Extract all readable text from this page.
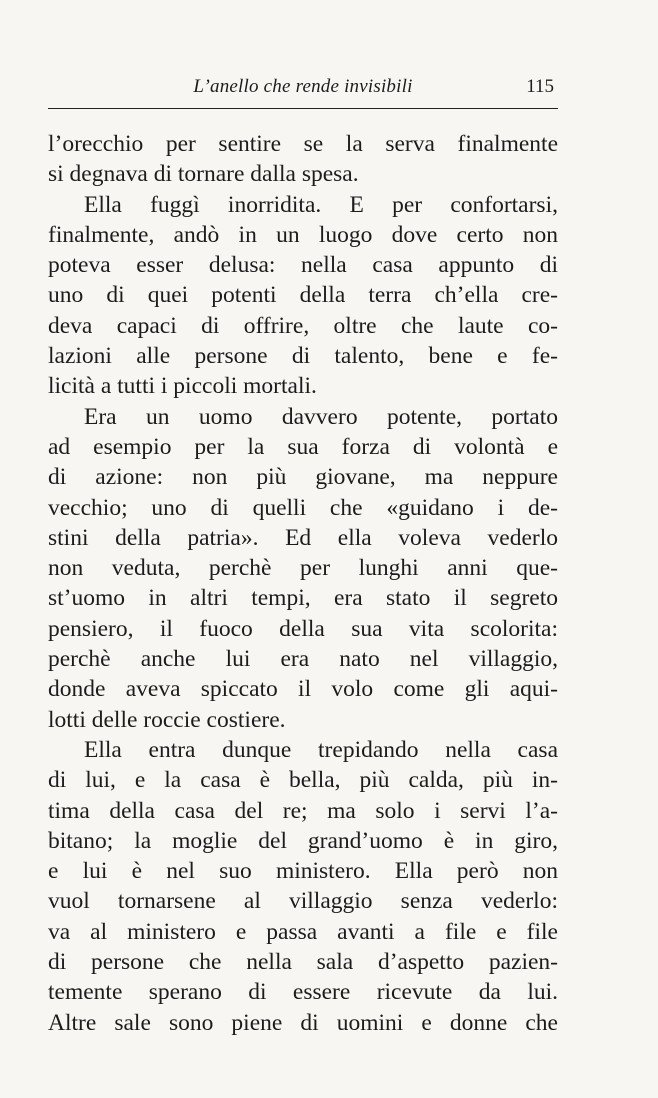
L’anello che rende invisibili	115
l’orecchio per sentire se la serva finalmente
si degnava di tornare dalla spesa.
Ella fuggì inorridita. E per confortarsi,
finalmente, andò in un luogo dove certo non
poteva esser delusa: nella casa appunto di
uno di quei potenti della terra ch’ella cre-
deva capaci di offrire, oltre che laute co-
lazioni alle persone di talento, bene e fe-
licità a tutti i piccoli mortali.
Era un uomo davvero potente, portato
ad esempio per la sua forza di volontà e
di azione: non più giovane, ma neppure
vecchio; uno di quelli che «guidano i de-
stini della patria». Ed ella voleva vederlo
non veduta, perchè per lunghi anni que-
st’uomo in altri tempi, era stato il segreto
pensiero, il fuoco della sua vita scolorita:
perchè anche lui era nato nel villaggio,
donde aveva spiccato il volo come gli aqui-
lotti delle roccie costiere.
Ella entra dunque trepidando nella casa
di lui, e la casa è bella, più calda, più in-
tima della casa del re; ma solo i servi l’a-
bitano; la moglie del grand’uomo è in giro,
e lui è nel suo ministero. Ella però non
vuol tornarsene al villaggio senza vederlo:
va al ministero e passa avanti a file e file
di persone che nella sala d’aspetto pazien-
temente sperano di essere ricevute da lui.
Altre sale sono piene di uomini e donne che
